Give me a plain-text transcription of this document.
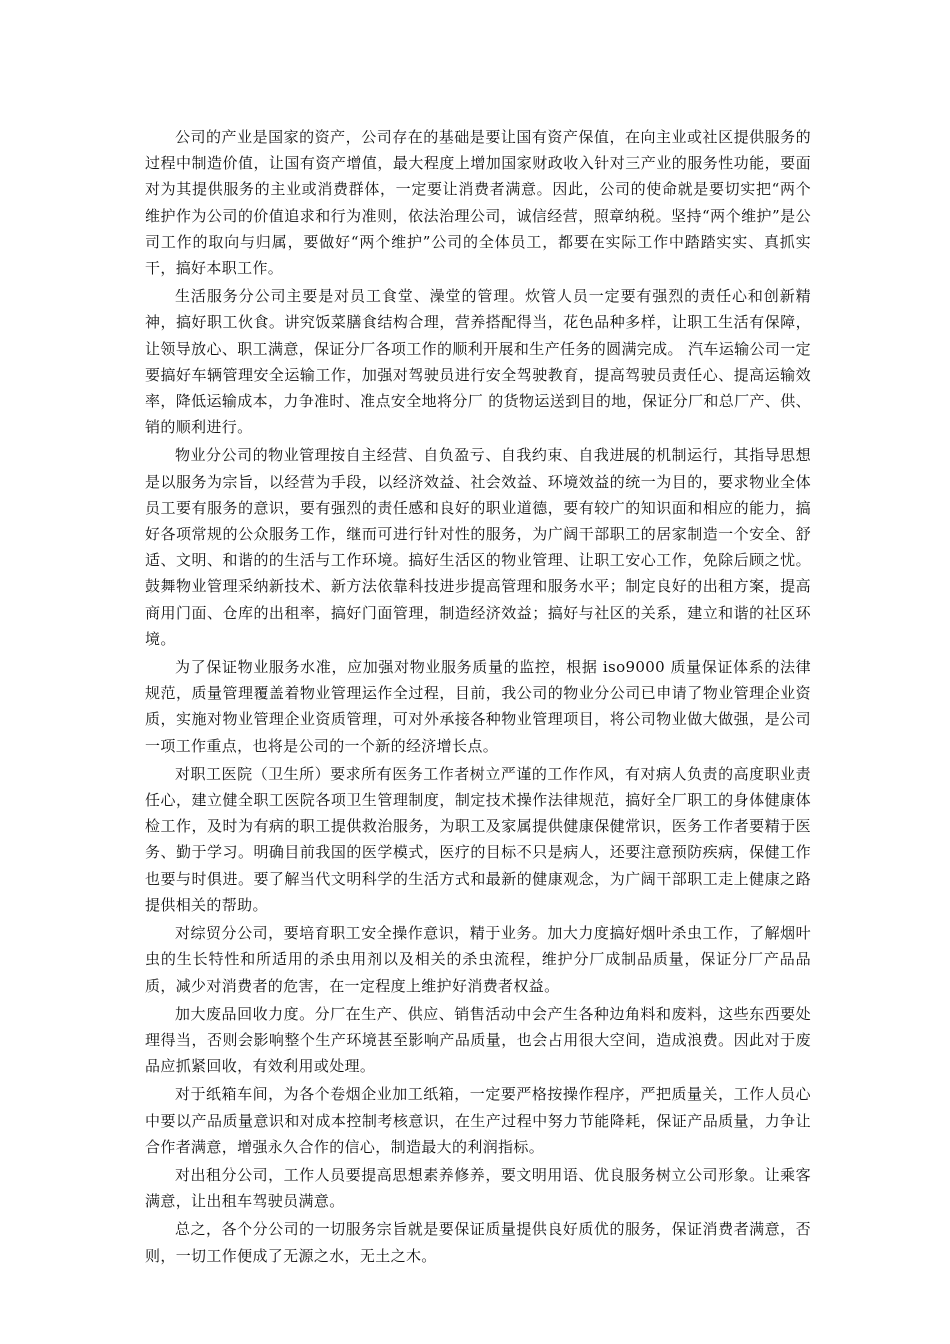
公司的产业是国家的资产，公司存在的基础是要让国有资产保值，在向主业或社区提供服务的过程中制造价值，让国有资产增值，最大程度上增加国家财政收入针对三产业的服务性功能，要面对为其提供服务的主业或消费群体，一定要让消费者满意。因此，公司的使命就是要切实把“两个维护作为公司的价值追求和行为准则，依法治理公司，诚信经营，照章纳税。坚持“两个维护”是公司工作的取向与归属，要做好“两个维护”公司的全体员工，都要在实际工作中踏踏实实、真抓实干，搞好本职工作。

生活服务分公司主要是对员工食堂、澡堂的管理。炊管人员一定要有强烈的责任心和创新精神，搞好职工伙食。讲究饭菜膳食结构合理，营养搭配得当，花色品种多样，让职工生活有保障，让领导放心、职工满意，保证分厂各项工作的顺利开展和生产任务的圆满完成。 汽车运输公司一定要搞好车辆管理安全运输工作，加强对驾驶员进行安全驾驶教育，提高驾驶员责任心、提高运输效率，降低运输成本，力争准时、准点安全地将分厂 的货物运送到目的地，保证分厂和总厂产、供、销的顺利进行。

物业分公司的物业管理按自主经营、自负盈亏、自我约束、自我进展的机制运行，其指导思想是以服务为宗旨，以经营为手段，以经济效益、社会效益、环境效益的统一为目的，要求物业全体员工要有服务的意识，要有强烈的责任感和良好的职业道德，要有较广的知识面和相应的能力，搞好各项常规的公众服务工作，继而可进行针对性的服务，为广阔干部职工的居家制造一个安全、舒适、文明、和谐的的生活与工作环境。搞好生活区的物业管理、让职工安心工作，免除后顾之忧。鼓舞物业管理采纳新技术、新方法依靠科技进步提高管理和服务水平；制定良好的出租方案，提高商用门面、仓库的出租率，搞好门面管理，制造经济效益；搞好与社区的关系，建立和谐的社区环境。

为了保证物业服务水准，应加强对物业服务质量的监控，根据 iso9000 质量保证体系的法律规范，质量管理覆盖着物业管理运作全过程，目前，我公司的物业分公司已申请了物业管理企业资质，实施对物业管理企业资质管理，可对外承接各种物业管理项目，将公司物业做大做强，是公司一项工作重点，也将是公司的一个新的经济增长点。

对职工医院（卫生所）要求所有医务工作者树立严谨的工作作风，有对病人负责的高度职业责任心，建立健全职工医院各项卫生管理制度，制定技术操作法律规范，搞好全厂职工的身体健康体检工作，及时为有病的职工提供救治服务，为职工及家属提供健康保健常识，医务工作者要精于医务、勤于学习。明确目前我国的医学模式，医疗的目标不只是病人，还要注意预防疾病，保健工作也要与时俱进。要了解当代文明科学的生活方式和最新的健康观念，为广阔干部职工走上健康之路提供相关的帮助。

对综贸分公司，要培育职工安全操作意识，精于业务。加大力度搞好烟叶杀虫工作，了解烟叶虫的生长特性和所适用的杀虫用剂以及相关的杀虫流程，维护分厂成制品质量，保证分厂产品品质，减少对消费者的危害，在一定程度上维护好消费者权益。

加大废品回收力度。分厂在生产、供应、销售活动中会产生各种边角料和废料，这些东西要处理得当，否则会影响整个生产环境甚至影响产品质量，也会占用很大空间，造成浪费。因此对于废品应抓紧回收，有效利用或处理。

对于纸箱车间，为各个卷烟企业加工纸箱，一定要严格按操作程序，严把质量关，工作人员心中要以产品质量意识和对成本控制考核意识，在生产过程中努力节能降耗，保证产品质量，力争让合作者满意，增强永久合作的信心，制造最大的利润指标。

对出租分公司，工作人员要提高思想素养修养，要文明用语、优良服务树立公司形象。让乘客满意，让出租车驾驶员满意。

总之，各个分公司的一切服务宗旨就是要保证质量提供良好质优的服务，保证消费者满意，否则，一切工作便成了无源之水，无土之木。
